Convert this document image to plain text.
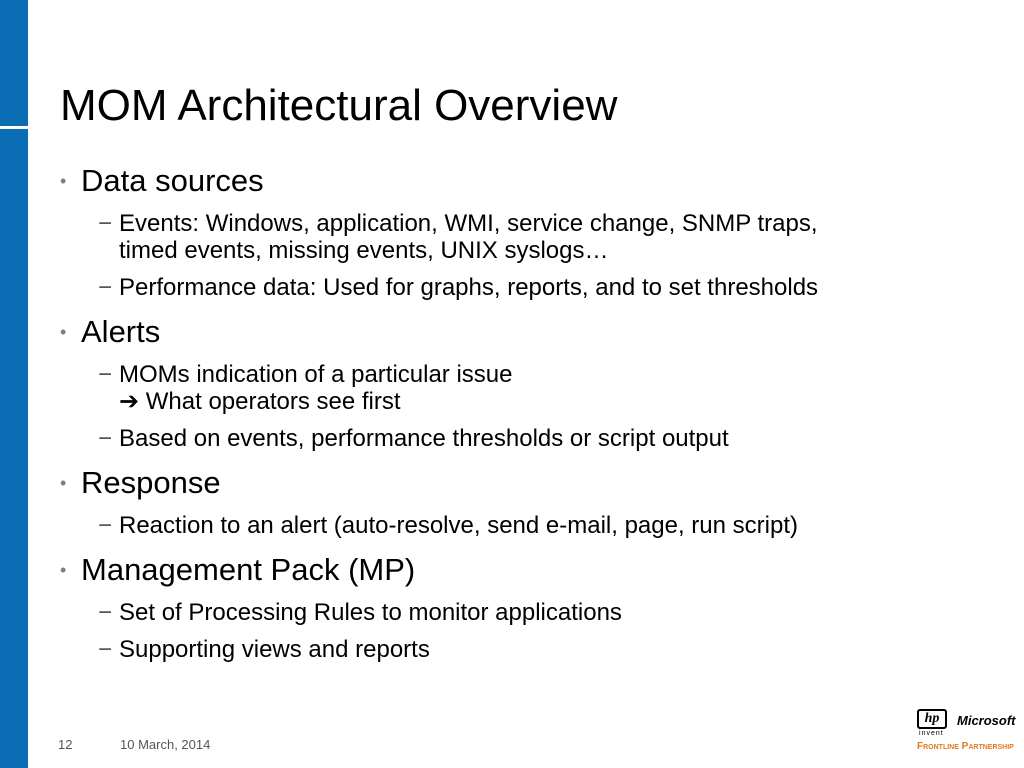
MOM Architectural Overview
• Data sources
− Events: Windows, application, WMI, service change, SNMP traps,
timed events, missing events, UNIX syslogs…
− Performance data: Used for graphs, reports, and to set thresholds
• Alerts
− MOMs indication of a particular issue
➔ What operators see first
− Based on events, performance thresholds or script output
• Response
− Reaction to an alert (auto-resolve, send e-mail, page, run script)
• Management Pack (MP)
− Set of Processing Rules to monitor applications
− Supporting views and reports
12	10 March, 2014
hp
invent
Microsoft
Frontline Partnership
